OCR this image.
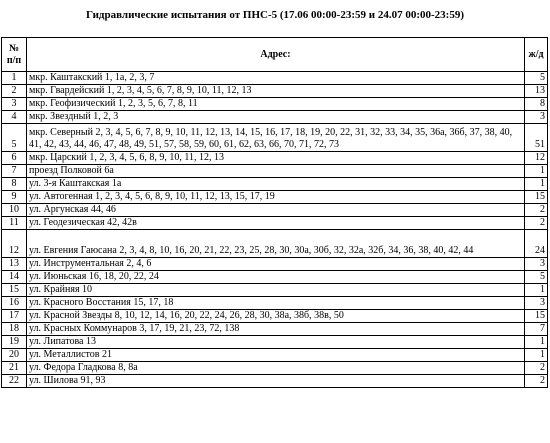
Гидравлические испытания от ПНС-5 (17.06 00:00-23:59 и 24.07 00:00-23:59)
№
п/п	Адрес:	ж/д
1	мкр. Каштакский 1, 1а, 2, 3, 7	5
2	мкр. Гвардейский 1, 2, 3, 4, 5, 6, 7, 8, 9, 10, 11, 12, 13	13
3	мкр. Геофизический 1, 2, 3, 5, 6, 7, 8, 11	8
4	мкр. Звездный 1, 2, 3	3
5	мкр. Северный 2, 3, 4, 5, 6, 7, 8, 9, 10, 11, 12, 13, 14, 15, 16, 17, 18, 19, 20, 22, 31, 32, 33, 34, 35, 36а, 36б, 37, 38, 40, 41, 42, 43, 44, 46, 47, 48, 49, 51, 57, 58, 59, 60, 61, 62, 63, 66, 70, 71, 72, 73	51
6	мкр. Царский 1, 2, 3, 4, 5, 6, 8, 9, 10, 11, 12, 13	12
7	проезд Полковой 6а	1
8	ул. 3-я Каштакская 1а	1
9	ул. Автогенная 1, 2, 3, 4, 5, 6, 8, 9, 10, 11, 12, 13, 15, 17, 19	15
10	ул. Аргунская 44, 46	2
11	ул. Геодезическая 42, 42в	2
12	ул. Евгения Гаюсана 2, 3, 4, 8, 10, 16, 20, 21, 22, 23, 25, 28, 30, 30а, 30б, 32, 32а, 32б, 34, 36, 38, 40, 42, 44	24
13	ул. Инструментальная 2, 4, 6	3
14	ул. Июньская 16, 18, 20, 22, 24	5
15	ул. Крайняя 10	1
16	ул. Красного Восстания 15, 17, 18	3
17	ул. Красной Звезды 8, 10, 12, 14, 16, 20, 22, 24, 26, 28, 30, 38а, 38б, 38в, 50	15
18	ул. Красных Коммунаров 3, 17, 19, 21, 23, 72, 138	7
19	ул. Липатова 13	1
20	ул. Металлистов 21	1
21	ул. Федора Гладкова 8, 8а	2
22	ул. Шилова 91, 93	2
